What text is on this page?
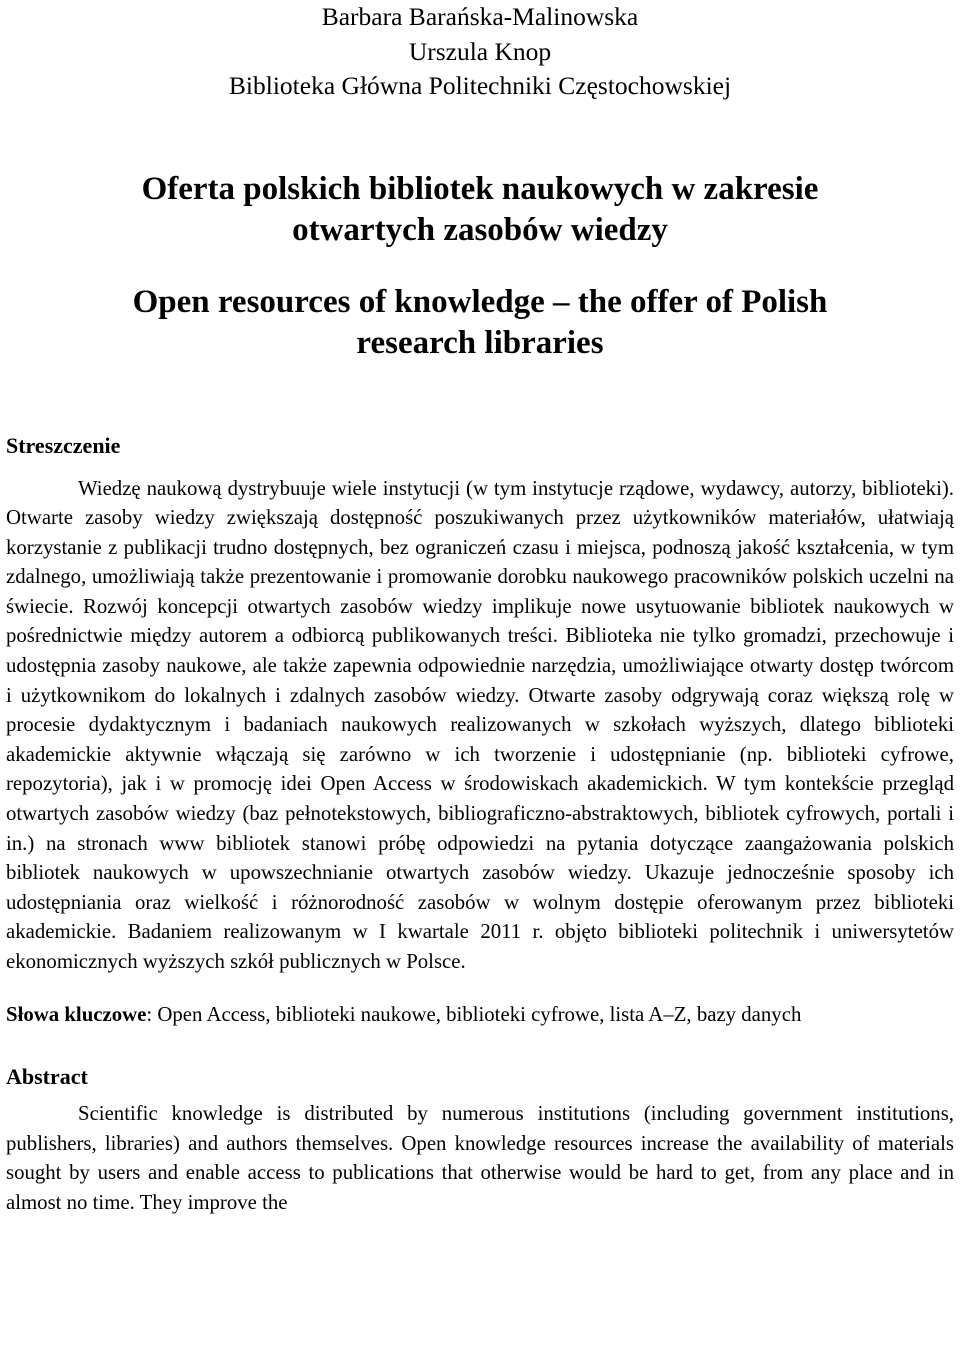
Barbara Barańska-Malinowska
Urszula Knop
Biblioteka Główna Politechniki Częstochowskiej
Oferta polskich bibliotek naukowych w zakresie
otwartych zasobów wiedzy
Open resources of knowledge – the offer of Polish
research libraries
Streszczenie

Wiedzę naukową dystrybuuje wiele instytucji (w tym instytucje rządowe, wydawcy, autorzy, biblioteki). Otwarte zasoby wiedzy zwiększają dostępność poszukiwanych przez użytkowników materiałów, ułatwiają korzystanie z publikacji trudno dostępnych, bez ograniczeń czasu i miejsca, podnoszą jakość kształcenia, w tym zdalnego, umożliwiają także prezentowanie i promowanie dorobku naukowego pracowników polskich uczelni na świecie. Rozwój koncepcji otwartych zasobów wiedzy implikuje nowe usytuowanie bibliotek naukowych w pośrednictwie między autorem a odbiorcą publikowanych treści. Biblioteka nie tylko gromadzi, przechowuje i udostępnia zasoby naukowe, ale także zapewnia odpowiednie narzędzia, umożliwiające otwarty dostęp twórcom i użytkownikom do lokalnych i zdalnych zasobów wiedzy. Otwarte zasoby odgrywają coraz większą rolę w procesie dydaktycznym i badaniach naukowych realizowanych w szkołach wyższych, dlatego biblioteki akademickie aktywnie włączają się zarówno w ich tworzenie i udostępnianie (np. biblioteki cyfrowe, repozytoria), jak i w promocję idei Open Access w środowiskach akademickich. W tym kontekście przegląd otwartych zasobów wiedzy (baz pełnotekstowych, bibliograficzno-abstraktowych, bibliotek cyfrowych, portali i in.) na stronach www bibliotek stanowi próbę odpowiedzi na pytania dotyczące zaangażowania polskich bibliotek naukowych w upowszechnianie otwartych zasobów wiedzy. Ukazuje jednocześnie sposoby ich udostępniania oraz wielkość i różnorodność zasobów w wolnym dostępie oferowanym przez biblioteki akademickie. Badaniem realizowanym w I kwartale 2011 r. objęto biblioteki politechnik i uniwersytetów ekonomicznych wyższych szkół publicznych w Polsce.

Słowa kluczowe: Open Access, biblioteki naukowe, biblioteki cyfrowe, lista A–Z, bazy danych

Abstract

Scientific knowledge is distributed by numerous institutions (including government institutions, publishers, libraries) and authors themselves. Open knowledge resources increase the availability of materials sought by users and enable access to publications that otherwise would be hard to get, from any place and in almost no time. They improve the
